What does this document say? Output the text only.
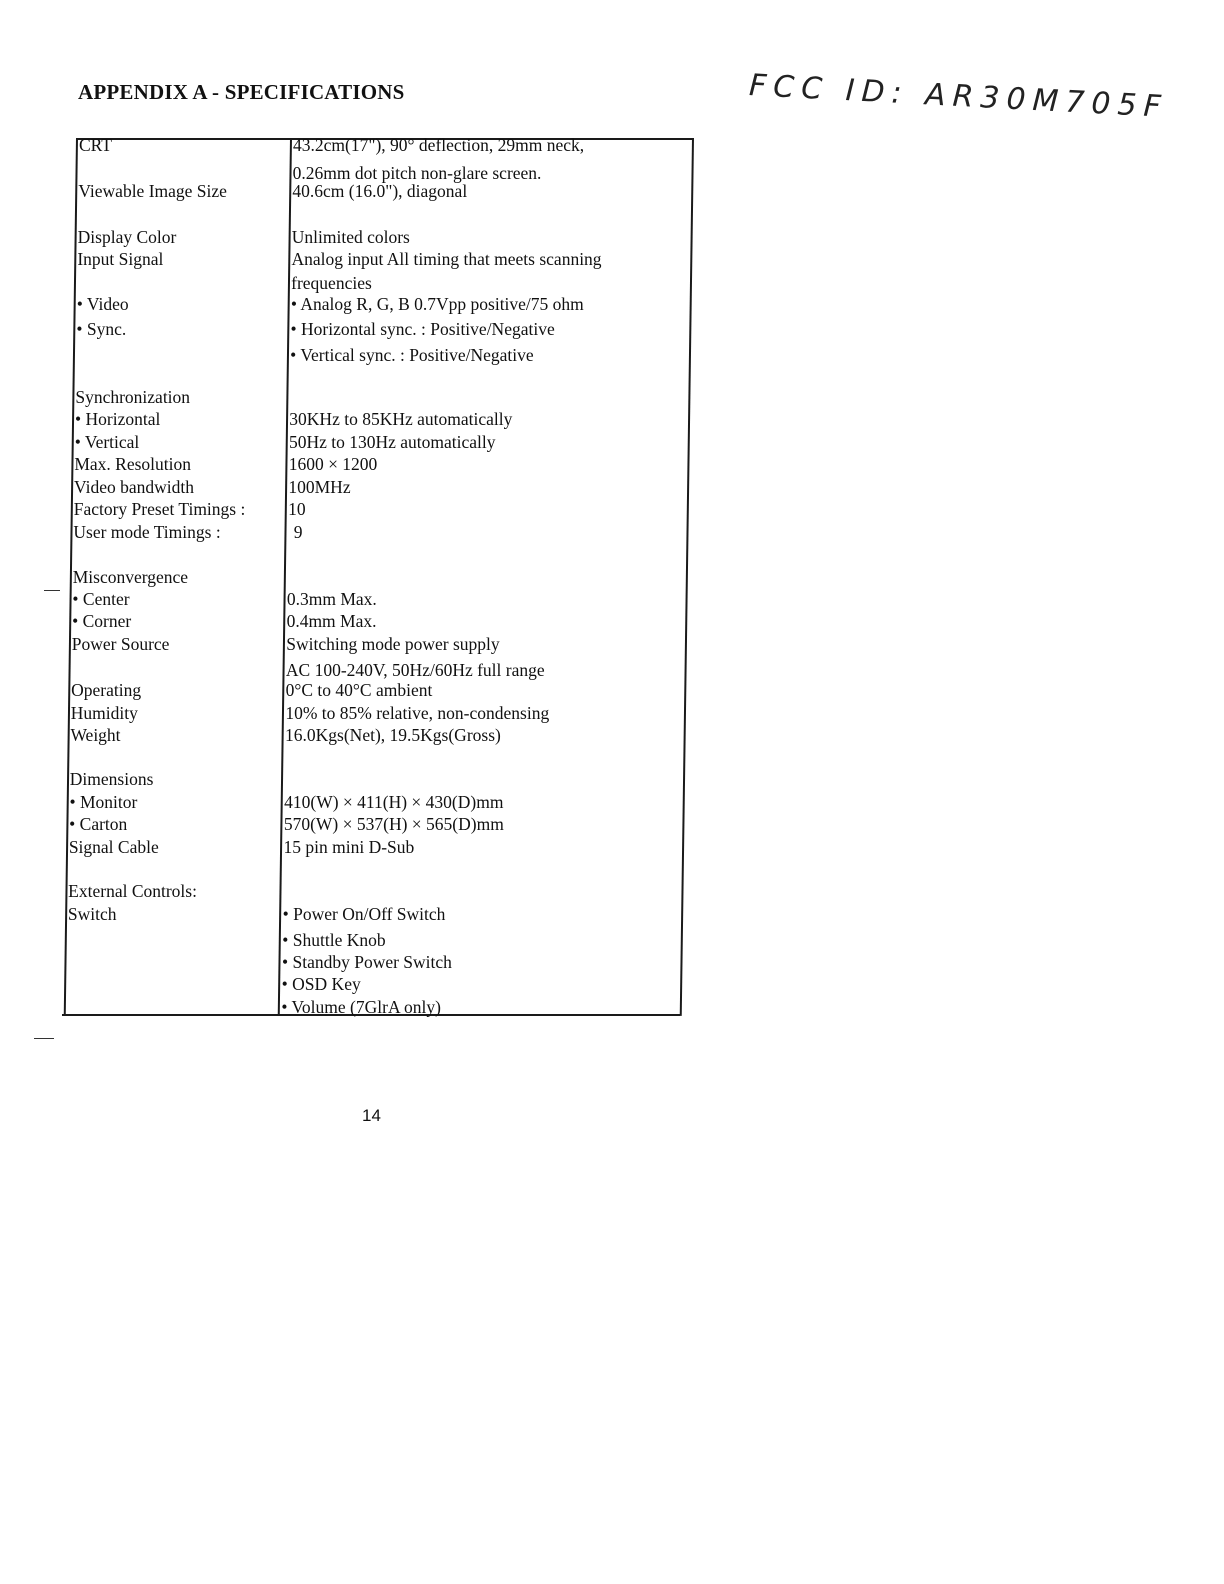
APPENDIX A - SPECIFICATIONS	FCC ID: AR30M705F
CRT	43.2cm(17"), 90° deflection, 29mm neck,
0.26mm dot pitch non-glare screen.
Viewable Image Size	40.6cm (16.0"), diagonal
Display Color	Unlimited colors
Input Signal	Analog input All timing that meets scanning
frequencies
• Video	• Analog R, G, B 0.7Vpp positive/75 ohm
• Sync.	• Horizontal sync. : Positive/Negative
• Vertical sync. : Positive/Negative
Synchronization
• Horizontal	30KHz to 85KHz automatically
• Vertical	50Hz to 130Hz automatically
Max. Resolution	1600 × 1200
Video bandwidth	100MHz
Factory Preset Timings : 10
User mode Timings :	9
Misconvergence
• Center	0.3mm Max.
• Corner	0.4mm Max.
Power Source	Switching mode power supply
AC 100-240V, 50Hz/60Hz full range
Operating	0°C to 40°C ambient
Humidity	10% to 85% relative, non-condensing
Weight	16.0Kgs(Net), 19.5Kgs(Gross)
Dimensions
• Monitor	410(W) × 411(H) × 430(D)mm
• Carton	570(W) × 537(H) × 565(D)mm
Signal Cable	15 pin mini D-Sub
External Controls:
Switch	• Power On/Off Switch
• Shuttle Knob
• Standby Power Switch
• OSD Key
• Volume (7GlrA only)
14
